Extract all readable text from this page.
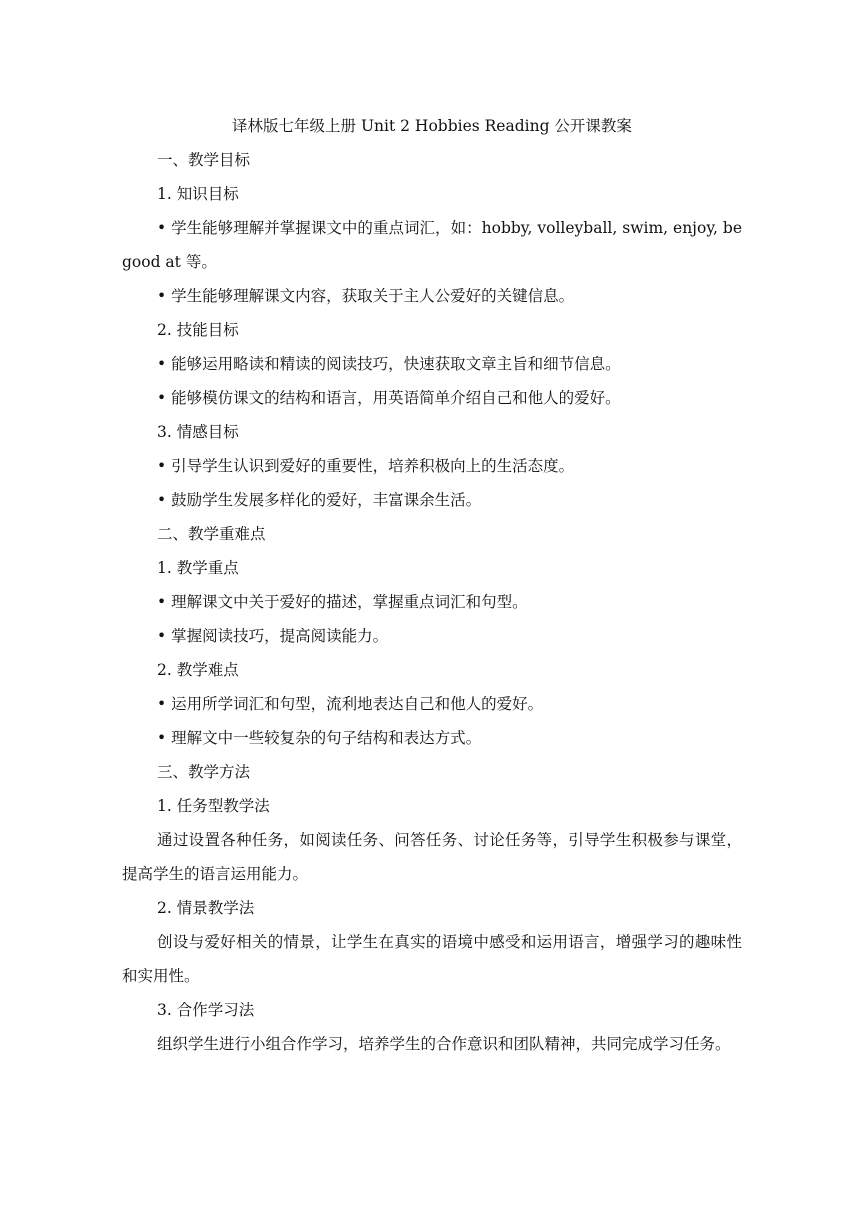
译林版七年级上册 Unit 2 Hobbies Reading 公开课教案
一、教学目标
1. 知识目标
• 学生能够理解并掌握课文中的重点词汇，如：hobby, volleyball, swim, enjoy, be good at 等。
• 学生能够理解课文内容，获取关于主人公爱好的关键信息。
2. 技能目标
• 能够运用略读和精读的阅读技巧，快速获取文章主旨和细节信息。
• 能够模仿课文的结构和语言，用英语简单介绍自己和他人的爱好。
3. 情感目标
• 引导学生认识到爱好的重要性，培养积极向上的生活态度。
• 鼓励学生发展多样化的爱好，丰富课余生活。
二、教学重难点
1. 教学重点
• 理解课文中关于爱好的描述，掌握重点词汇和句型。
• 掌握阅读技巧，提高阅读能力。
2. 教学难点
• 运用所学词汇和句型，流利地表达自己和他人的爱好。
• 理解文中一些较复杂的句子结构和表达方式。
三、教学方法
1. 任务型教学法
通过设置各种任务，如阅读任务、问答任务、讨论任务等，引导学生积极参与课堂，提高学生的语言运用能力。
2. 情景教学法
创设与爱好相关的情景，让学生在真实的语境中感受和运用语言，增强学习的趣味性和实用性。
3. 合作学习法
组织学生进行小组合作学习，培养学生的合作意识和团队精神，共同完成学习任务。
